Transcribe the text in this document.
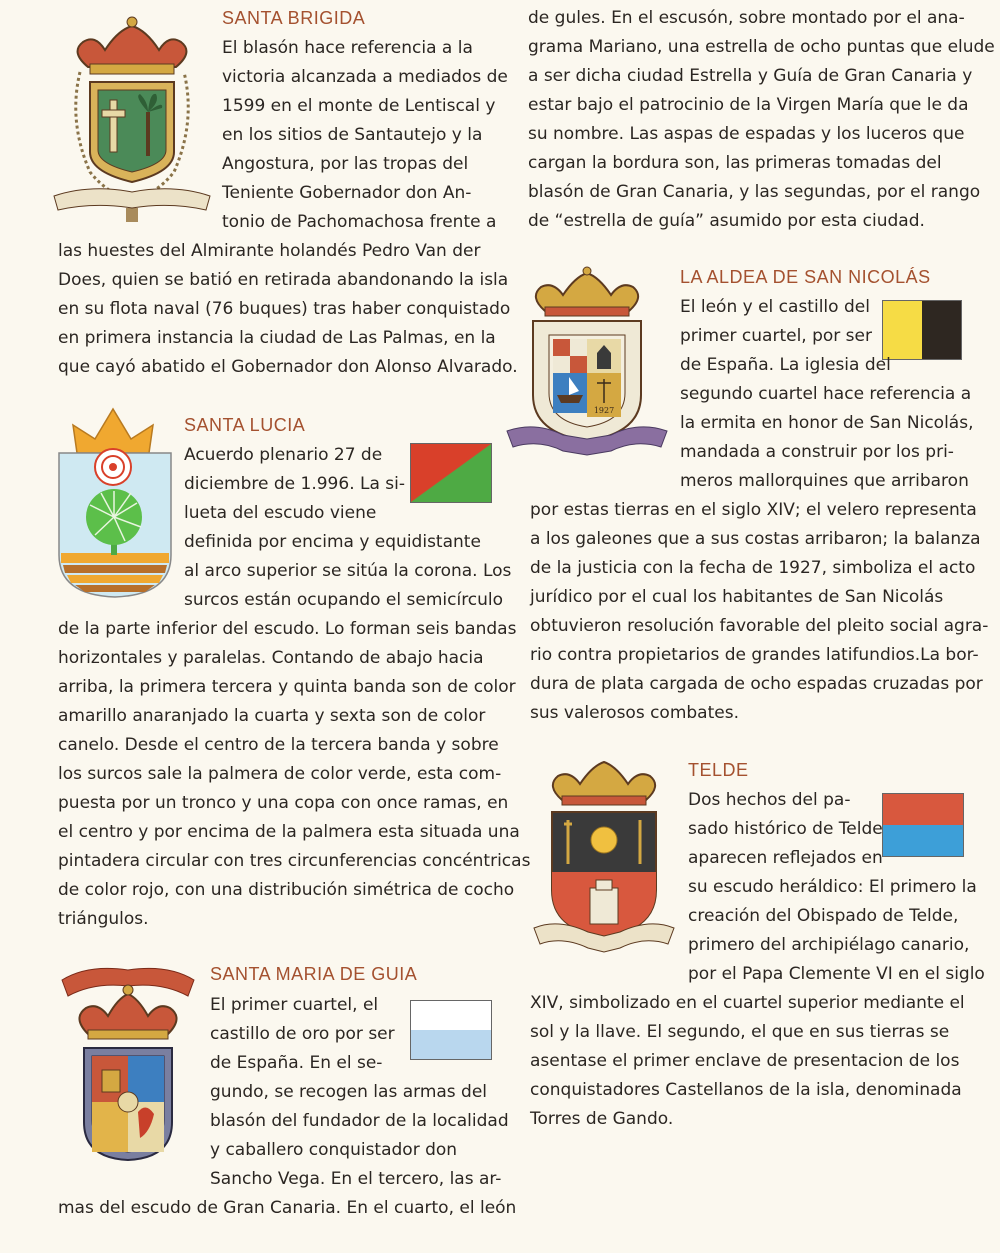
SANTA BRIGIDA

El blasón hace referencia a la

victoria alcanzada a mediados de

1599 en el monte de Lentiscal y

en los sitios de Santautejo y la

Angostura, por las tropas del

Teniente Gobernador don An-

tonio de Pachomachosa frente a

las huestes del Almirante holandés Pedro Van der

Does, quien se batió en retirada abandonando la isla

en su flota naval (76 buques) tras haber conquistado

en primera instancia la ciudad de Las Palmas, en la

que cayó abatido el Gobernador don Alonso Alvarado.

SANTA LUCIA

Acuerdo plenario 27 de

diciembre de 1.996. La si-

lueta del escudo viene

definida por encima y equidistante

al arco superior se sitúa la corona. Los

surcos están ocupando el semicírculo

de la parte inferior del escudo. Lo forman seis bandas

horizontales y paralelas. Contando de abajo hacia

arriba, la primera tercera y quinta banda son de color

amarillo anaranjado la cuarta y sexta son de color

canelo. Desde el centro de la tercera banda y sobre

los surcos sale la palmera de color verde, esta com-

puesta por un tronco y una copa con once ramas, en

el centro y por encima de la palmera esta situada una

pintadera circular con tres circunferencias concéntricas

de color rojo, con una distribución simétrica de cocho

triángulos.

SANTA MARIA DE GUIA

El primer cuartel, el

castillo de oro por ser

de España. En el se-

gundo, se recogen las armas del

blasón del fundador de la localidad

y caballero conquistador don

Sancho Vega. En el tercero, las ar-

mas del escudo de Gran Canaria. En el cuarto, el león

de gules. En el escusón, sobre montado por el ana-

grama Mariano, una estrella de ocho puntas que elude

a ser dicha ciudad Estrella y Guía de Gran Canaria y

estar bajo el patrocinio de la Virgen María que le da

su nombre. Las aspas de espadas y los luceros que

cargan la bordura son, las primeras tomadas del

blasón de Gran Canaria, y las segundas, por el rango

de “estrella de guía” asumido por esta ciudad.

1927
LA ALDEA DE SAN NICOLÁS

El león y el castillo del

primer cuartel, por ser

de España. La iglesia del

segundo cuartel hace referencia a

la ermita en honor de San Nicolás,

mandada a construir por los pri-

meros mallorquines que arribaron

por estas tierras en el siglo XIV; el velero representa

a los galeones que a sus costas arribaron; la balanza

de la justicia con la fecha de 1927, simboliza el acto

jurídico por el cual los habitantes de San Nicolás

obtuvieron resolución favorable del pleito social agra-

rio contra propietarios de grandes latifundios.La bor-

dura de plata cargada de ocho espadas cruzadas por

sus valerosos combates.

TELDE

Dos hechos del pa-

sado histórico de Telde

aparecen reflejados en

su escudo heráldico: El primero la

creación del Obispado de Telde,

primero del archipiélago canario,

por el Papa Clemente VI en el siglo

XIV, simbolizado en el cuartel superior mediante el

sol y la llave. El segundo, el que en sus tierras se

asentase el primer enclave de presentacion de los

conquistadores Castellanos de la isla, denominada

Torres de Gando.
